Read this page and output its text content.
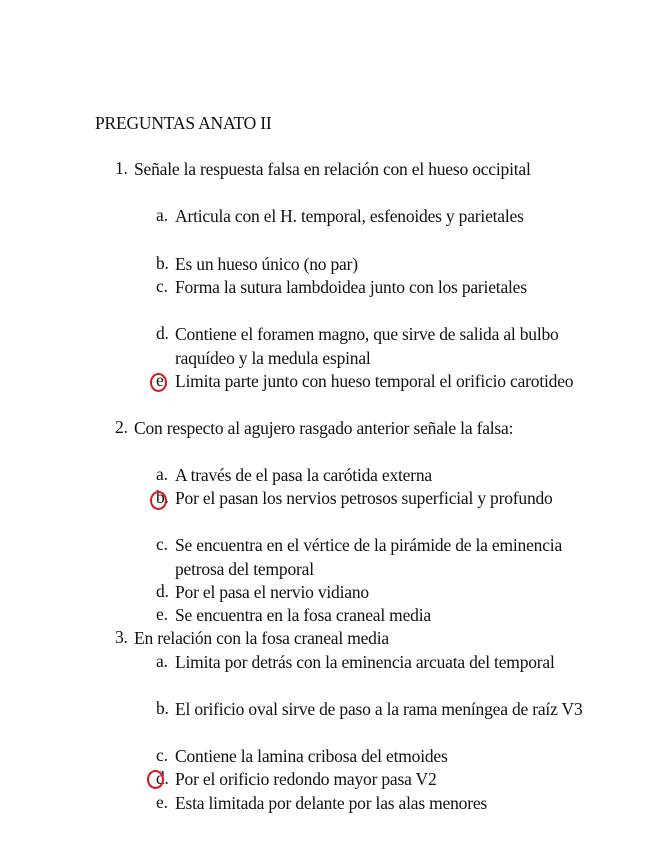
PREGUNTAS ANATO II
1. Señale la respuesta falsa en relación con el hueso occipital
a. Articula con el H. temporal, esfenoides y parietales
b. Es un hueso único (no par)
c. Forma la sutura lambdoidea junto con los parietales
d. Contiene el foramen magno, que sirve de salida al bulbo raquídeo y la medula espinal
e. Limita parte junto con hueso temporal el orificio carotideo
2. Con respecto al agujero rasgado anterior señale la falsa:
a. A través de el pasa la carótida externa
b. Por el pasan los nervios petrosos superficial y profundo
c. Se encuentra en el vértice de la pirámide de la eminencia petrosa del temporal
d. Por el pasa el nervio vidiano
e. Se encuentra en la fosa craneal media
3. En relación con la fosa craneal media
a. Limita por detrás con la eminencia arcuata del temporal
b. El orificio oval sirve de paso a la rama meníngea de raíz V3
c. Contiene la lamina cribosa del etmoides
d. Por el orificio redondo mayor pasa V2
e. Esta limitada por delante por las alas menores
